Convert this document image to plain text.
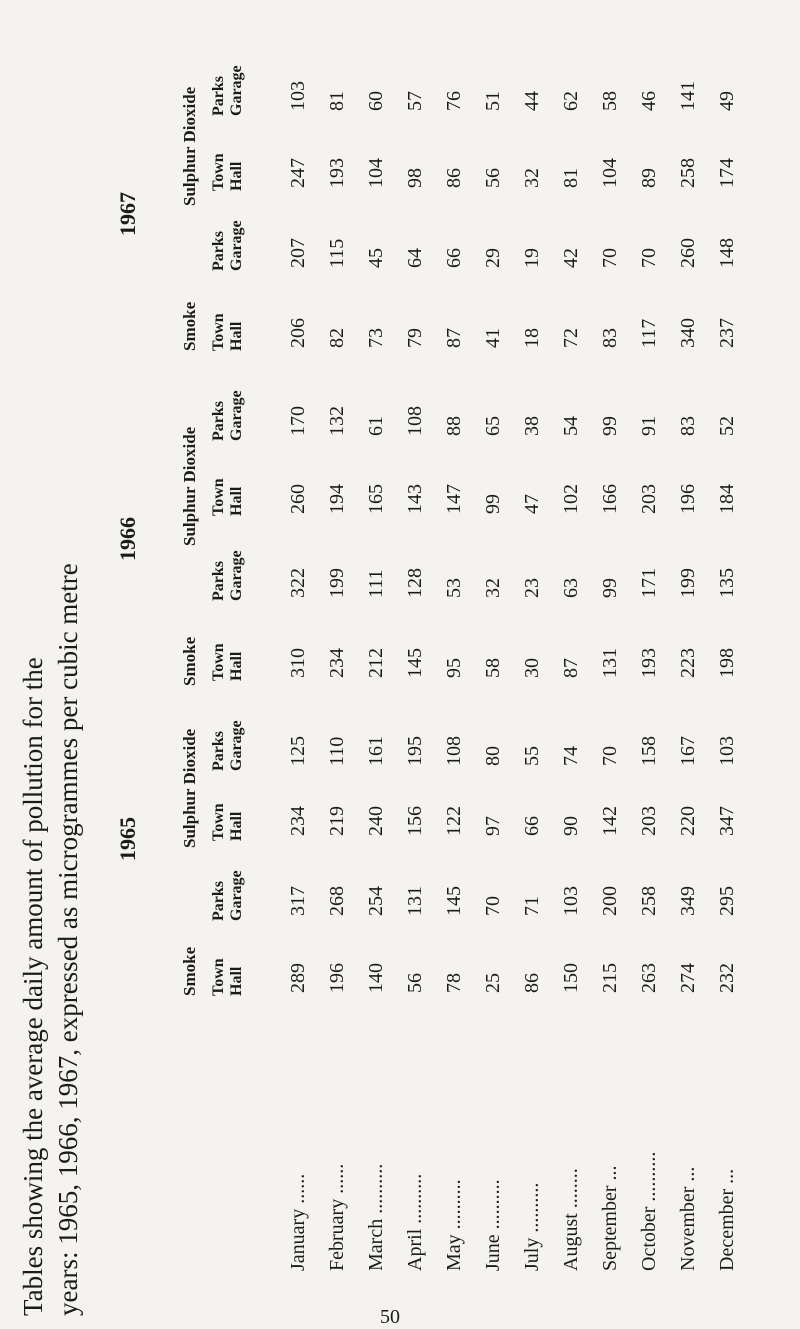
Tables showing the average daily amount of pollution for the years: 1965, 1966, 1967, expressed as microgrammes per cubic metre 1965
1966
1967
Smoke
Sulphur Dioxide
Smoke
Sulphur Dioxide
Smoke
Sulphur Dioxide
Town Hall
Parks Garage
Town Hall
Parks Garage
Town Hall
Parks Garage
Town Hall
Parks Garage
Town Hall
Parks Garage
Town Hall
Parks Garage
January ......
February ......
March ..........
April ..........
May ..........
June ..........
July ..........
August ........ September ...
October ..........
November ...
December ...
289
317
234
125
310
322
260
170
206
207
247
103
196
268
219
110
234
199
194
132
82
115
193
81
140
254
240
161
212
111
165
61
73
45
104
60
56
131
156
195
145
128
143
108
79
64
98
57
78
145
122
108
95
53
147
88
87
66
86
76
25
70
97
80
58
32
99
65
41
29
56
51
86
71
66
55
30
23
47
38
18
19
32
44
150
103
90
74
87
63
102
54
72
42
81
62
215
200
142
70
131
99
166
99
83
70
104
58
263
258
203
158
193
171
203
91
117
70
89
46
274
349
220
167
223
199
196
83
340
260
258
141
232
295
347
103
198
135
184
52
237
148
174
49
50
